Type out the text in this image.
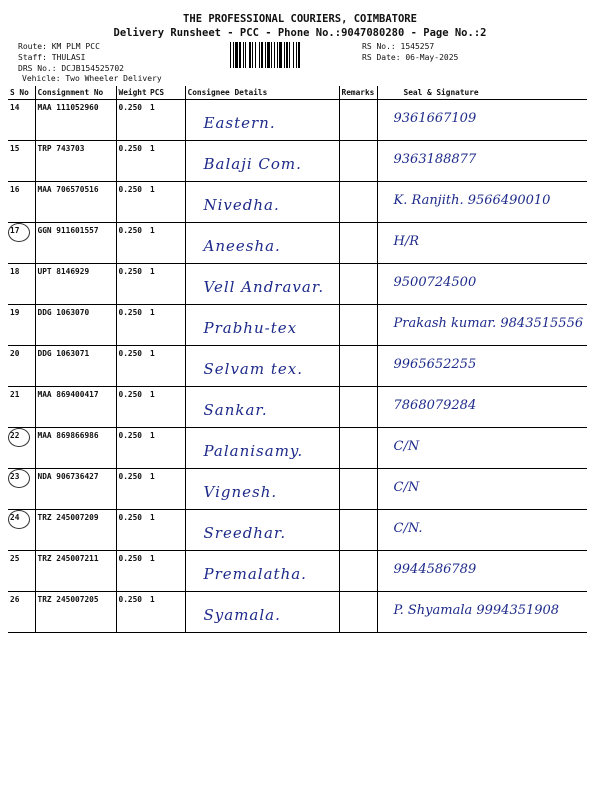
THE PROFESSIONAL COURIERS, COIMBATORE
Delivery Runsheet - PCC - Phone No.:9047080280 - Page No.:2
Route: KM PLM PCC
Staff: THULASI
DRS No.: DCJB154525702
Vehicle: Two Wheeler Delivery
RS No.: 1545257
RS Date: 06-May-2025
S No	Consignment No	Weight	PCS	Consignee Details	Remarks	Seal & Signature
14	MAA 111052960	0.250	1	Eastern.		9361667109

15	TRP 743703	0.250	1	Balaji Com.		9363188877

16	MAA 706570516	0.250	1	Nivedha.		K. Ranjith. 9566490010

17	GGN 911601557	0.250	1	Aneesha.		H/R

18	UPT 8146929	0.250	1	Vell Andravar.		9500724500

19	DDG 1063070	0.250	1	Prabhu-tex		Prakash kumar. 9843515556

20	DDG 1063071	0.250	1	Selvam tex.		9965652255

21	MAA 869400417	0.250	1	Sankar.		7868079284

22	MAA 869866986	0.250	1	Palanisamy.		C/N

23	NDA 906736427	0.250	1	Vignesh.		C/N

24	TRZ 245007209	0.250	1	Sreedhar.		C/N.

25	TRZ 245007211	0.250	1	Premalatha.		9944586789

26	TRZ 245007205	0.250	1	Syamala.		P. Shyamala 9994351908
